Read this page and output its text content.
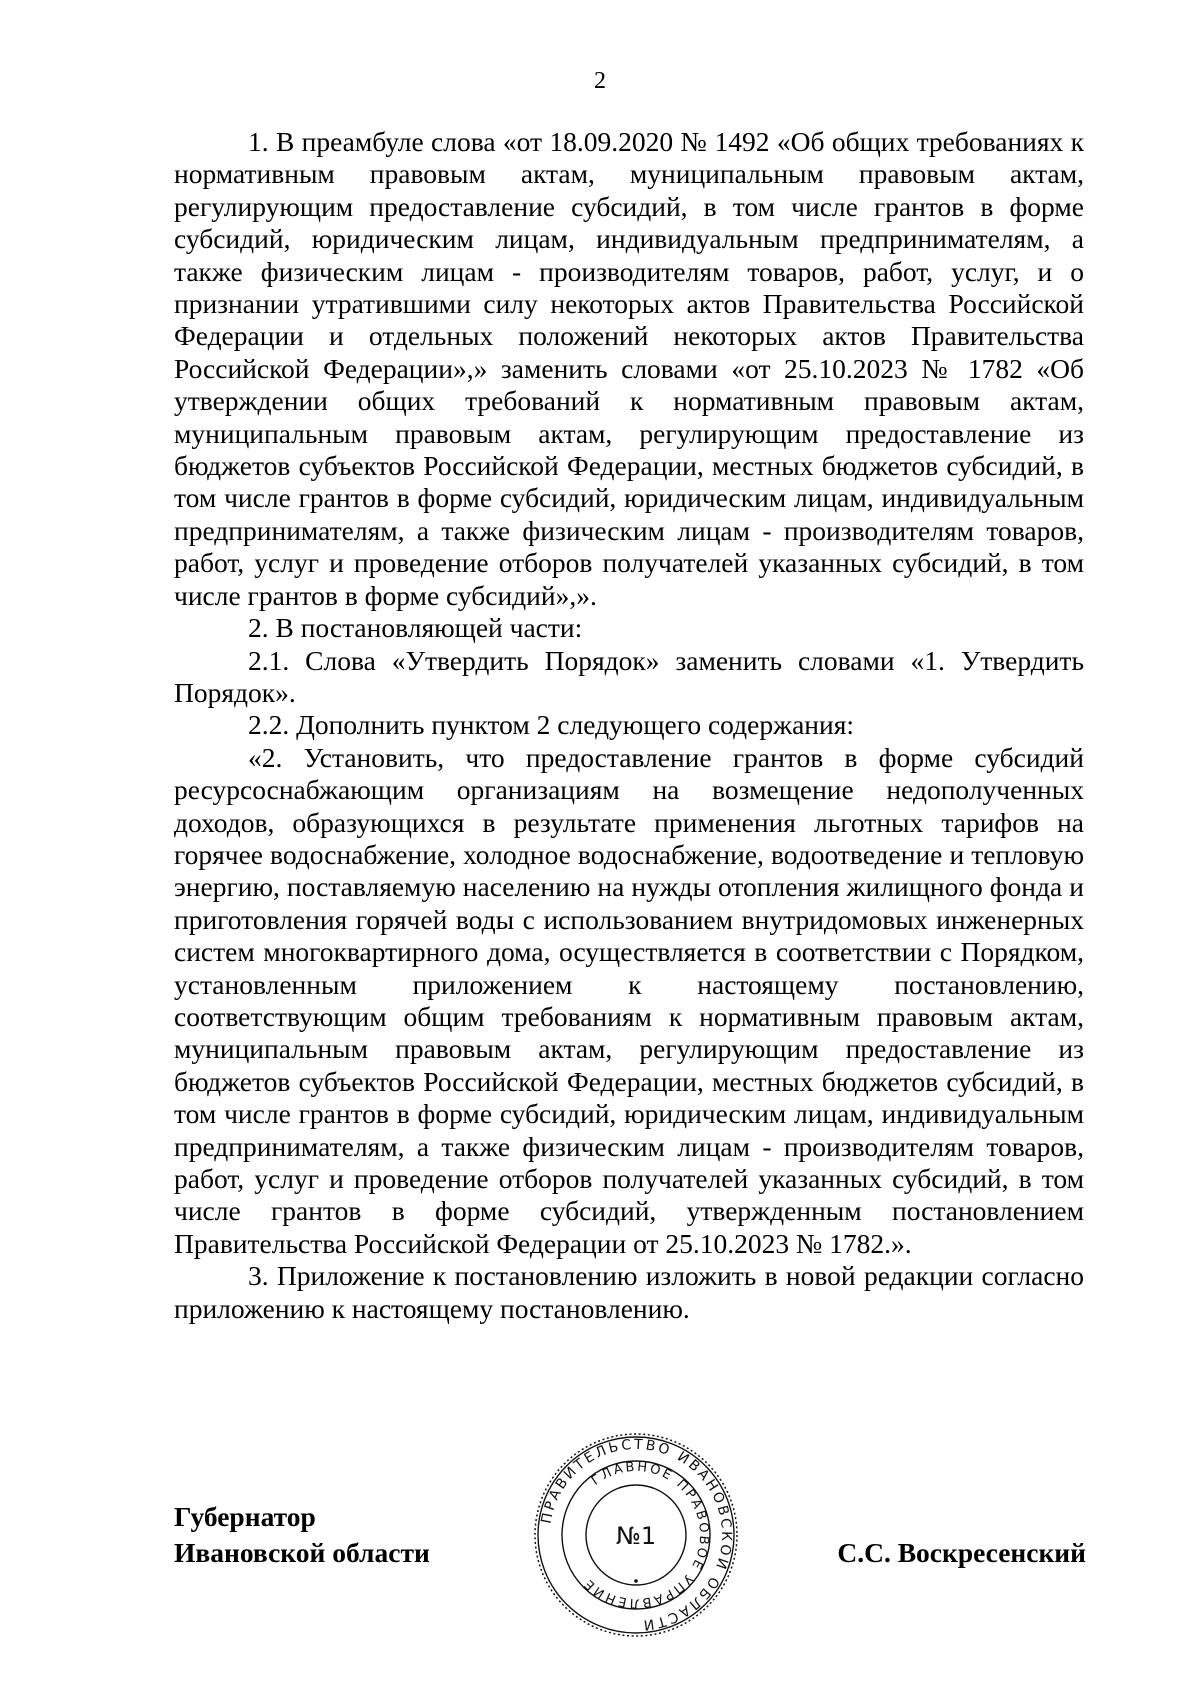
2

1. В преамбуле слова «от 18.09.2020 № 1492 «Об общих требованиях к нормативным правовым актам, муниципальным правовым актам, регулирующим предоставление субсидий, в том числе грантов в форме субсидий, юридическим лицам, индивидуальным предпринимателям, а также физическим лицам - производителям товаров, работ, услуг, и о признании утратившими силу некоторых актов Правительства Российской Федерации и отдельных положений некоторых актов Правительства Российской Федерации»,» заменить словами «от 25.10.2023 № 1782 «Об утверждении общих требований к нормативным правовым актам, муниципальным правовым актам, регулирующим предоставление из бюджетов субъектов Российской Федерации, местных бюджетов субсидий, в том числе грантов в форме субсидий, юридическим лицам, индивидуальным предпринимателям, а также физическим лицам - производителям товаров, работ, услуг и проведение отборов получателей указанных субсидий, в том числе грантов в форме субсидий»,».

2. В постановляющей части:

2.1. Слова «Утвердить Порядок» заменить словами «1. Утвердить Порядок».

2.2. Дополнить пунктом 2 следующего содержания:

«2. Установить, что предоставление грантов в форме субсидий ресурсоснабжающим организациям на возмещение недополученных доходов, образующихся в результате применения льготных тарифов на горячее водоснабжение, холодное водоснабжение, водоотведение и тепловую энергию, поставляемую населению на нужды отопления жилищного фонда и приготовления горячей воды с использованием внутридомовых инженерных систем многоквартирного дома, осуществляется в соответствии с Порядком, установленным приложением к настоящему постановлению, соответствующим общим требованиям к нормативным правовым актам, муниципальным правовым актам, регулирующим предоставление из бюджетов субъектов Российской Федерации, местных бюджетов субсидий, в том числе грантов в форме субсидий, юридическим лицам, индивидуальным предпринимателям, а также физическим лицам - производителям товаров, работ, услуг и проведение отборов получателей указанных субсидий, в том числе грантов в форме субсидий, утвержденным постановлением Правительства Российской Федерации от 25.10.2023 № 1782.».

3. Приложение к постановлению изложить в новой редакции согласно приложению к настоящему постановлению.

Губернатор
Ивановской области
ПРАВИТЕЛЬСТВО ИВАНОВСКОЙ ОБЛАСТИ
ГЛАВНОЕ ПРАВОВОЕ УПРАВЛЕНИЕ
№1
С.С. Воскресенский
